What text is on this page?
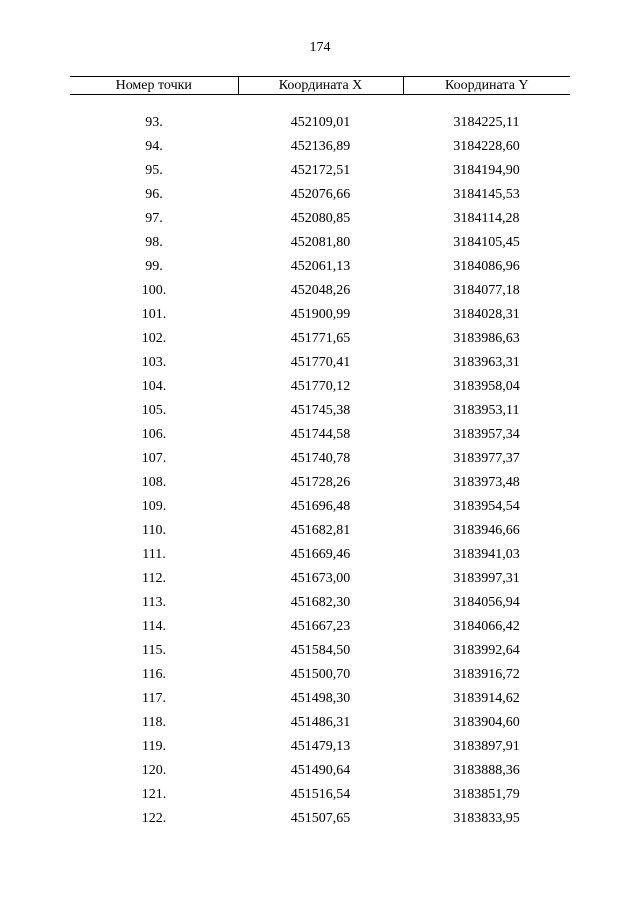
174
Номер точки	Координата X	Координата Y

93.	452109,01	3184225,11
94.	452136,89	3184228,60
95.	452172,51	3184194,90
96.	452076,66	3184145,53
97.	452080,85	3184114,28
98.	452081,80	3184105,45
99.	452061,13	3184086,96
100.	452048,26	3184077,18
101.	451900,99	3184028,31
102.	451771,65	3183986,63
103.	451770,41	3183963,31
104.	451770,12	3183958,04
105.	451745,38	3183953,11
106.	451744,58	3183957,34
107.	451740,78	3183977,37
108.	451728,26	3183973,48
109.	451696,48	3183954,54
110.	451682,81	3183946,66
111.	451669,46	3183941,03
112.	451673,00	3183997,31
113.	451682,30	3184056,94
114.	451667,23	3184066,42
115.	451584,50	3183992,64
116.	451500,70	3183916,72
117.	451498,30	3183914,62
118.	451486,31	3183904,60
119.	451479,13	3183897,91
120.	451490,64	3183888,36
121.	451516,54	3183851,79
122.	451507,65	3183833,95
